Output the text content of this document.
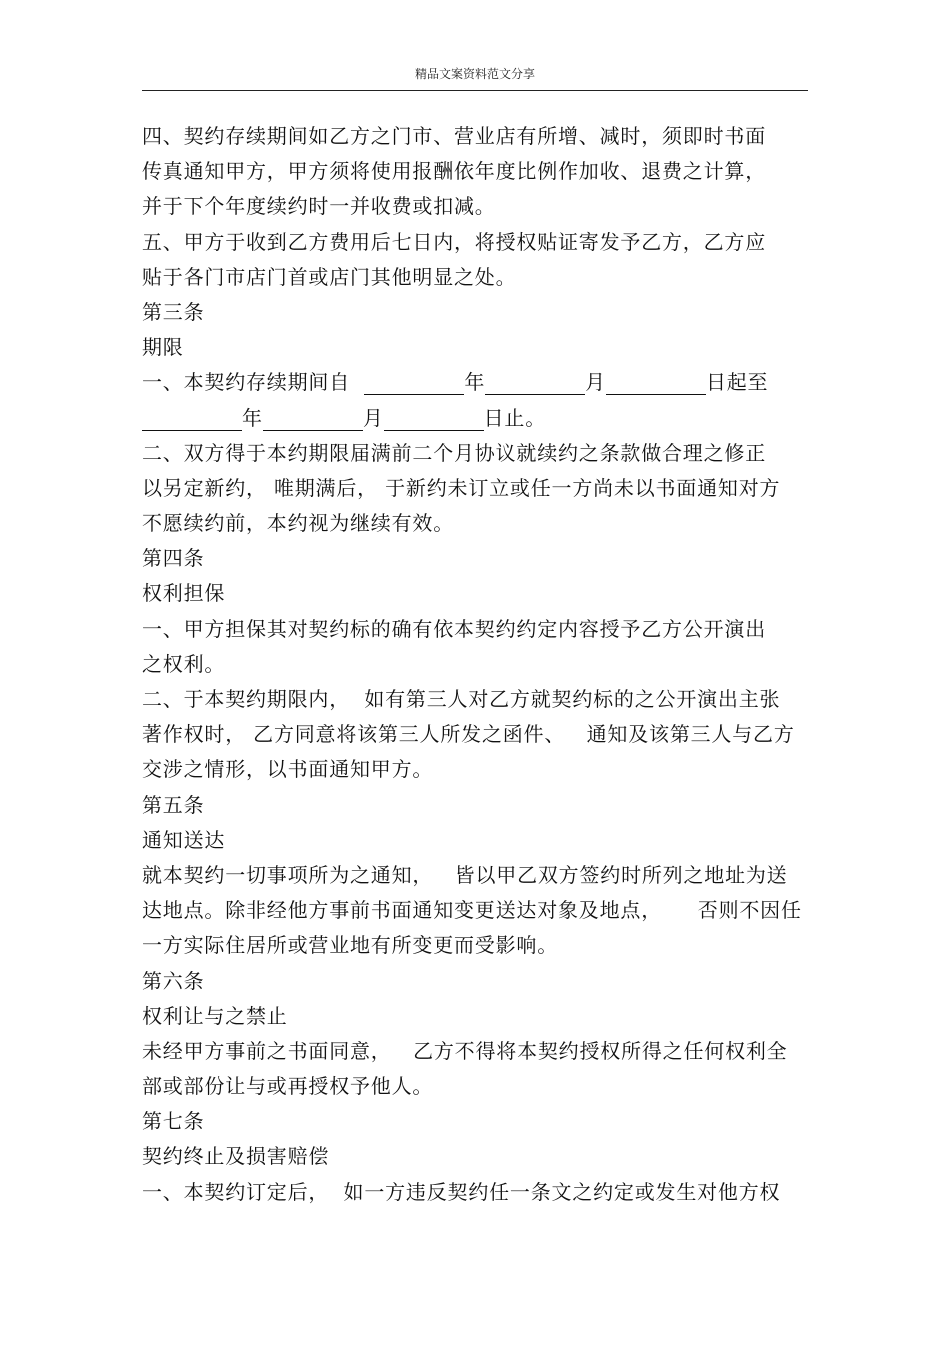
精品文案资料范文分享
四、契约存续期间如乙方之门市、营业店有所增、减时，须即时书面
传真通知甲方，甲方须将使用报酬依年度比例作加收、退费之计算，
并于下个年度续约时一并收费或扣减。
五、甲方于收到乙方费用后七日内，将授权贴证寄发予乙方，乙方应
贴于各门市店门首或店门其他明显之处。
第三条
期限
一、本契约存续期间自	年	月	日起至
年	月	日止。
二、双方得于本约期限届满前二个月协议就续约之条款做合理之修正
以另定新约， 唯期满后， 于新约未订立或任一方尚未以书面通知对方
不愿续约前，本约视为继续有效。
第四条
权利担保
一、甲方担保其对契约标的确有依本契约约定内容授予乙方公开演出
之权利。
二、于本契约期限内，  如有第三人对乙方就契约标的之公开演出主张
著作权时， 乙方同意将该第三人所发之函件、   通知及该第三人与乙方
交涉之情形，以书面通知甲方。
第五条
通知送达
就本契约一切事项所为之通知，   皆以甲乙双方签约时所列之地址为送
达地点。除非经他方事前书面通知变更送达对象及地点，     否则不因任
一方实际住居所或营业地有所变更而受影响。
第六条
权利让与之禁止
未经甲方事前之书面同意，   乙方不得将本契约授权所得之任何权利全
部或部份让与或再授权予他人。
第七条
契约终止及损害赔偿
一、本契约订定后，  如一方违反契约任一条文之约定或发生对他方权
